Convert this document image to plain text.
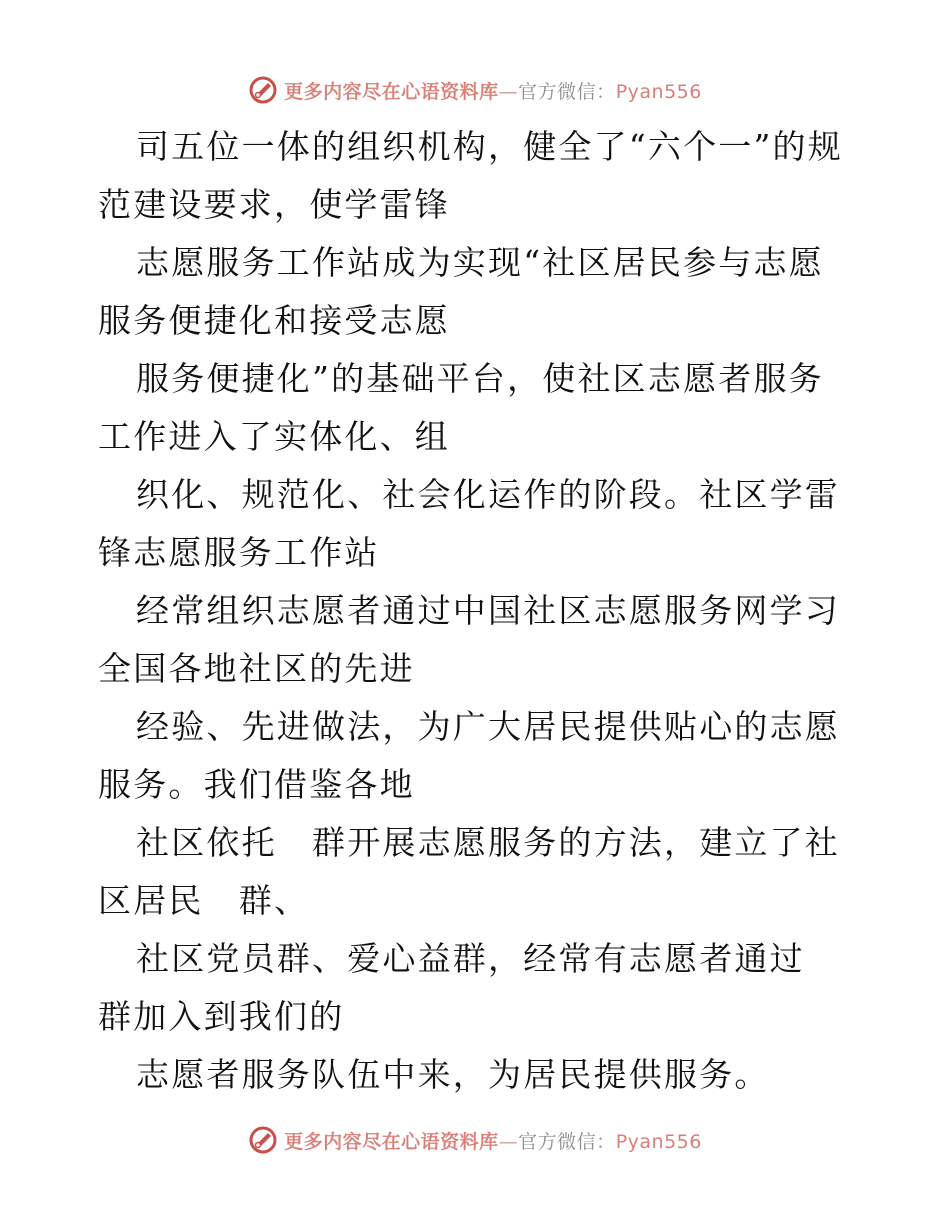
更多内容尽在心语资料库—官方微信：Pyan556

司五位一体的组织机构，健全了“六个一”的规范建设要求，使学雷锋

志愿服务工作站成为实现“社区居民参与志愿服务便捷化和接受志愿

服务便捷化”的基础平台，使社区志愿者服务工作进入了实体化、组

织化、规范化、社会化运作的阶段。社区学雷锋志愿服务工作站

经常组织志愿者通过中国社区志愿服务网学习全国各地社区的先进

经验、先进做法，为广大居民提供贴心的志愿服务。我们借鉴各地

社区依托　群开展志愿服务的方法，建立了社区居民　群、

社区党员群、爱心益群，经常有志愿者通过　群加入到我们的

志愿者服务队伍中来，为居民提供服务。

更多内容尽在心语资料库—官方微信：Pyan556
